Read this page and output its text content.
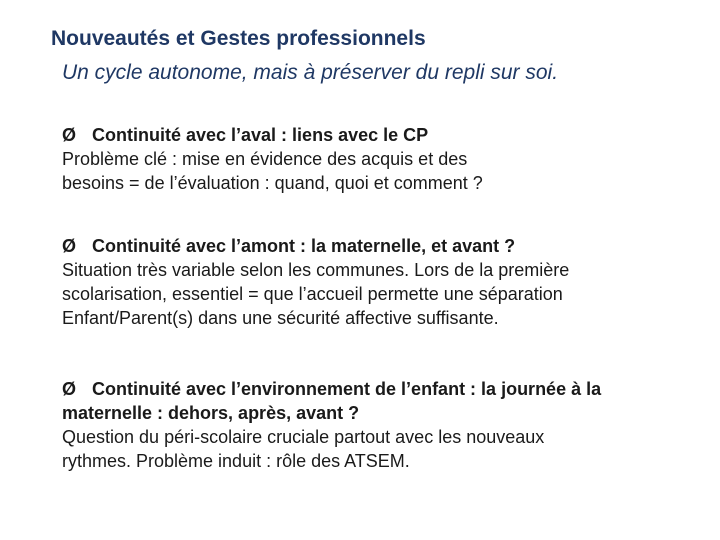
Nouveautés et Gestes professionnels
Un cycle autonome, mais à préserver du repli sur soi.
Ø Continuité avec l’aval : liens avec le CP
Problème clé : mise en évidence des acquis et des
besoins = de l’évaluation : quand, quoi et comment ?
Ø Continuité avec l’amont : la maternelle, et avant ?
Situation très variable selon les communes. Lors de la première
scolarisation, essentiel = que l’accueil permette une séparation
Enfant/Parent(s) dans une sécurité affective suffisante.
Ø Continuité avec l’environnement de l’enfant : la journée à la
maternelle : dehors, après, avant ?
Question du péri-scolaire cruciale partout avec les nouveaux
rythmes. Problème induit : rôle des ATSEM.
